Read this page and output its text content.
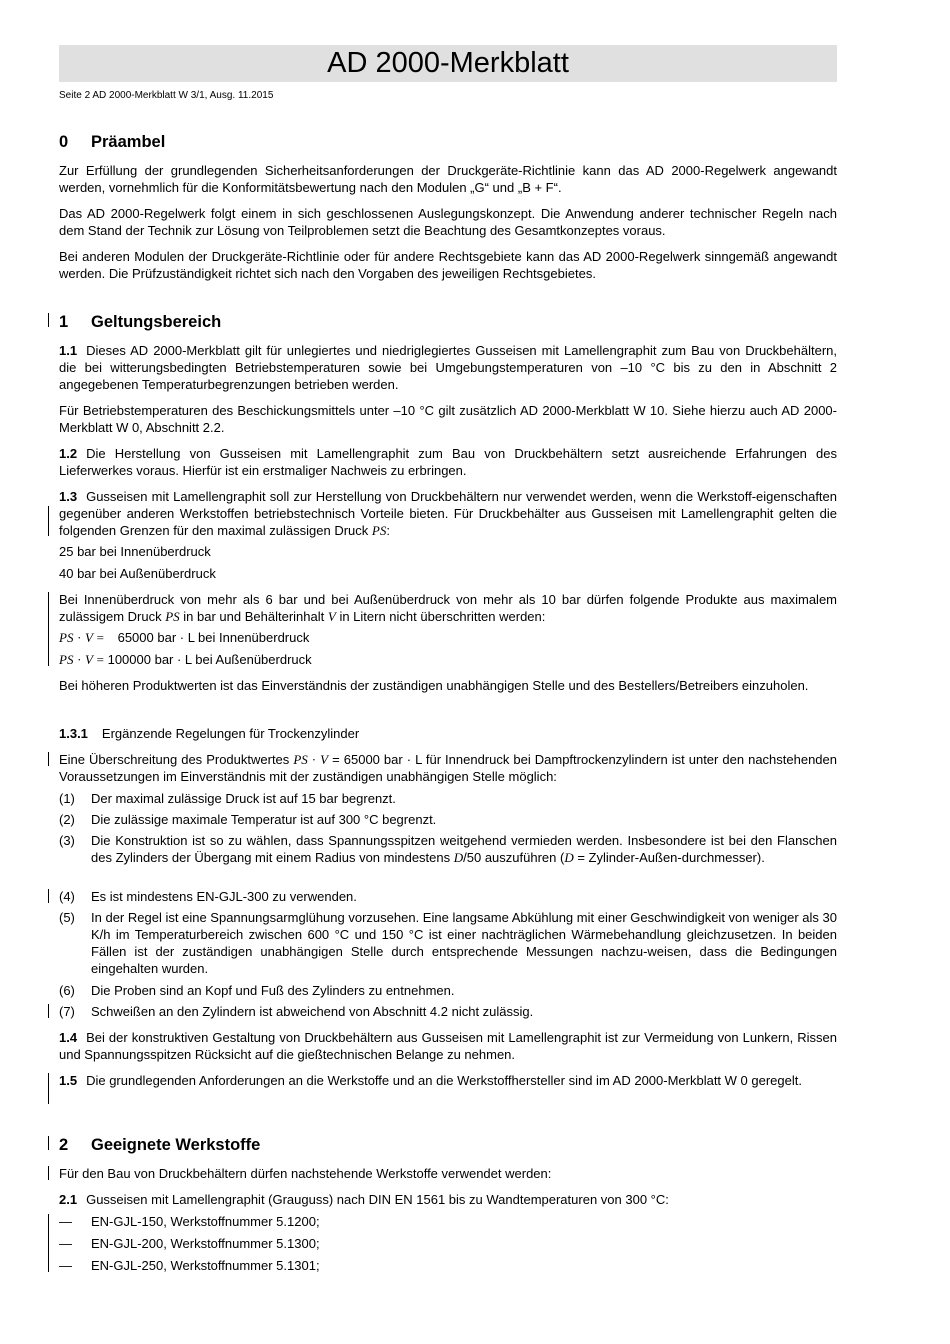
AD 2000-Merkblatt
Seite 2 AD 2000-Merkblatt W 3/1, Ausg. 11.2015
0 Präambel
Zur Erfüllung der grundlegenden Sicherheitsanforderungen der Druckgeräte-Richtlinie kann das AD 2000-Regelwerk angewandt werden, vornehmlich für die Konformitätsbewertung nach den Modulen „G“ und „B + F“.
Das AD 2000-Regelwerk folgt einem in sich geschlossenen Auslegungskonzept. Die Anwendung anderer technischer Regeln nach dem Stand der Technik zur Lösung von Teilproblemen setzt die Beachtung des Gesamtkonzeptes voraus.
Bei anderen Modulen der Druckgeräte-Richtlinie oder für andere Rechtsgebiete kann das AD 2000-Regelwerk sinngemäß angewandt werden. Die Prüfzuständigkeit richtet sich nach den Vorgaben des jeweiligen Rechtsgebietes.
1 Geltungsbereich
1.1 Dieses AD 2000-Merkblatt gilt für unlegiertes und niedriglegiertes Gusseisen mit Lamellengraphit zum Bau von Druckbehältern, die bei witterungsbedingten Betriebstemperaturen sowie bei Umgebungstemperaturen von –10 °C bis zu den in Abschnitt 2 angegebenen Temperaturbegrenzungen betrieben werden.
Für Betriebstemperaturen des Beschickungsmittels unter –10 °C gilt zusätzlich AD 2000-Merkblatt W 10. Siehe hierzu auch AD 2000-Merkblatt W 0, Abschnitt 2.2.
1.2 Die Herstellung von Gusseisen mit Lamellengraphit zum Bau von Druckbehältern setzt ausreichende Erfahrungen des Lieferwerkes voraus. Hierfür ist ein erstmaliger Nachweis zu erbringen.
1.3 Gusseisen mit Lamellengraphit soll zur Herstellung von Druckbehältern nur verwendet werden, wenn die Werkstoff-eigenschaften gegenüber anderen Werkstoffen betriebstechnisch Vorteile bieten. Für Druckbehälter aus Gusseisen mit Lamellengraphit gelten die folgenden Grenzen für den maximal zulässigen Druck PS:
25 bar bei Innenüberdruck
40 bar bei Außenüberdruck
Bei Innenüberdruck von mehr als 6 bar und bei Außenüberdruck von mehr als 10 bar dürfen folgende Produkte aus maximalem zulässigem Druck PS in bar und Behälterinhalt V in Litern nicht überschritten werden:
PS · V = 65000 bar · L bei Innenüberdruck
PS · V = 100000 bar · L bei Außenüberdruck
Bei höheren Produktwerten ist das Einverständnis der zuständigen unabhängigen Stelle und des Bestellers/Betreibers einzuholen.
1.3.1 Ergänzende Regelungen für Trockenzylinder
Eine Überschreitung des Produktwertes PS · V = 65000 bar · L für Innendruck bei Dampftrockenzylindern ist unter den nachstehenden Voraussetzungen im Einverständnis mit der zuständigen unabhängigen Stelle möglich:
(1) Der maximal zulässige Druck ist auf 15 bar begrenzt.
(2) Die zulässige maximale Temperatur ist auf 300 °C begrenzt.
(3) Die Konstruktion ist so zu wählen, dass Spannungsspitzen weitgehend vermieden werden. Insbesondere ist bei den Flanschen des Zylinders der Übergang mit einem Radius von mindestens D/50 auszuführen (D = Zylinder-Außen-durchmesser).
(4) Es ist mindestens EN-GJL-300 zu verwenden.
(5) In der Regel ist eine Spannungsarmglühung vorzusehen. Eine langsame Abkühlung mit einer Geschwindigkeit von weniger als 30 K/h im Temperaturbereich zwischen 600 °C und 150 °C ist einer nachträglichen Wärmebehandlung gleichzusetzen. In beiden Fällen ist der zuständigen unabhängigen Stelle durch entsprechende Messungen nachzu-weisen, dass die Bedingungen eingehalten wurden.
(6) Die Proben sind an Kopf und Fuß des Zylinders zu entnehmen.
(7) Schweißen an den Zylindern ist abweichend von Abschnitt 4.2 nicht zulässig.
1.4 Bei der konstruktiven Gestaltung von Druckbehältern aus Gusseisen mit Lamellengraphit ist zur Vermeidung von Lunkern, Rissen und Spannungsspitzen Rücksicht auf die gießtechnischen Belange zu nehmen.
1.5 Die grundlegenden Anforderungen an die Werkstoffe und an die Werkstoffhersteller sind im AD 2000-Merkblatt W 0 geregelt.
2 Geeignete Werkstoffe
Für den Bau von Druckbehältern dürfen nachstehende Werkstoffe verwendet werden:
2.1 Gusseisen mit Lamellengraphit (Grauguss) nach DIN EN 1561 bis zu Wandtemperaturen von 300 °C:
— EN-GJL-150, Werkstoffnummer 5.1200;
— EN-GJL-200, Werkstoffnummer 5.1300;
— EN-GJL-250, Werkstoffnummer 5.1301;
